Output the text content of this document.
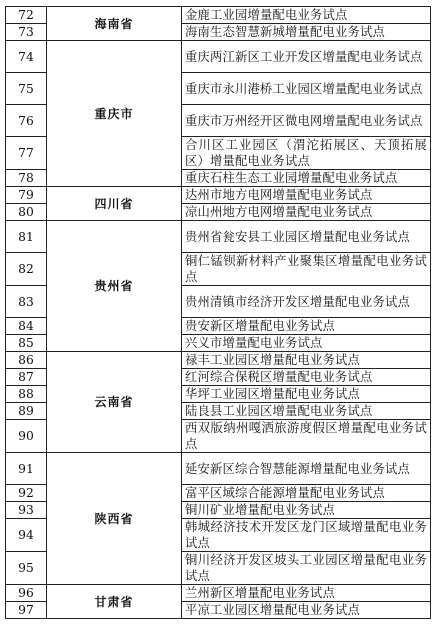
72	海南省	金鹿工业园增量配电业务试点
73		海南生态智慧新城增量配电业务试点
74	重庆市	重庆两江新区工业开发区增量配电业务试点
75		重庆市永川港桥工业园区增量配电业务试点
76		重庆市万州经开区微电网增量配电业务试点
77		合川区工业园区（渭沱拓展区、天顶拓展区）增量配电业务试点
78		重庆石柱生态工业园增量配电业务试点
79	四川省	达州市地方电网增量配电业务试点
80		凉山州地方电网增量配电业务试点
81	贵州省	贵州省瓮安县工业园区增量配电业务试点
82		铜仁锰钡新材料产业聚集区增量配电业务试点
83		贵州清镇市经济开发区增量配电业务试点
84		贵安新区增量配电业务试点
85		兴义市增量配电业务试点
86	云南省	禄丰工业园区增量配电业务试点
87		红河综合保税区增量配电业务试点
88		华坪工业园区增量配电业务试点
89		陆良县工业园区增量配电业务试点
90		西双版纳州嘎洒旅游度假区增量配电业务试点
91	陕西省	延安新区综合智慧能源增量配电业务试点
92		富平区域综合能源增量配电业务试点
93		铜川矿业增量配电业务试点
94		韩城经济技术开发区龙门区域增量配电业务试点
95		铜川经济开发区坡头工业园区增量配电业务试点
96	甘肃省	兰州新区增量配电业务试点
97		平凉工业园区增量配电业务试点
